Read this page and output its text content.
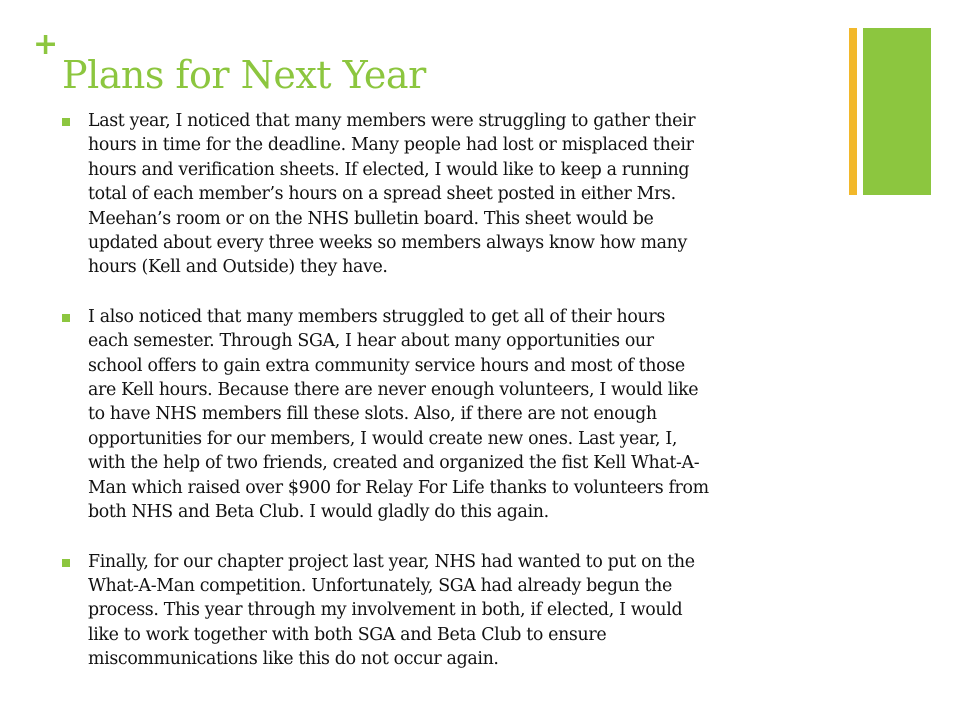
+
Plans for Next Year
Last year, I noticed that many members were struggling to gather their
hours in time for the deadline. Many people had lost or misplaced their
hours and verification sheets. If elected, I would like to keep a running
total of each member’s hours on a spread sheet posted in either Mrs.
Meehan’s room or on the NHS bulletin board. This sheet would be
updated about every three weeks so members always know how many
hours (Kell and Outside) they have.
I also noticed that many members struggled to get all of their hours
each semester. Through SGA, I hear about many opportunities our
school offers to gain extra community service hours and most of those
are Kell hours. Because there are never enough volunteers, I would like
to have NHS members fill these slots. Also, if there are not enough
opportunities for our members, I would create new ones. Last year, I,
with the help of two friends, created and organized the fist Kell What-A-
Man which raised over $900 for Relay For Life thanks to volunteers from
both NHS and Beta Club. I would gladly do this again.
Finally, for our chapter project last year, NHS had wanted to put on the
What-A-Man competition. Unfortunately, SGA had already begun the
process. This year through my involvement in both, if elected, I would
like to work together with both SGA and Beta Club to ensure
miscommunications like this do not occur again.
